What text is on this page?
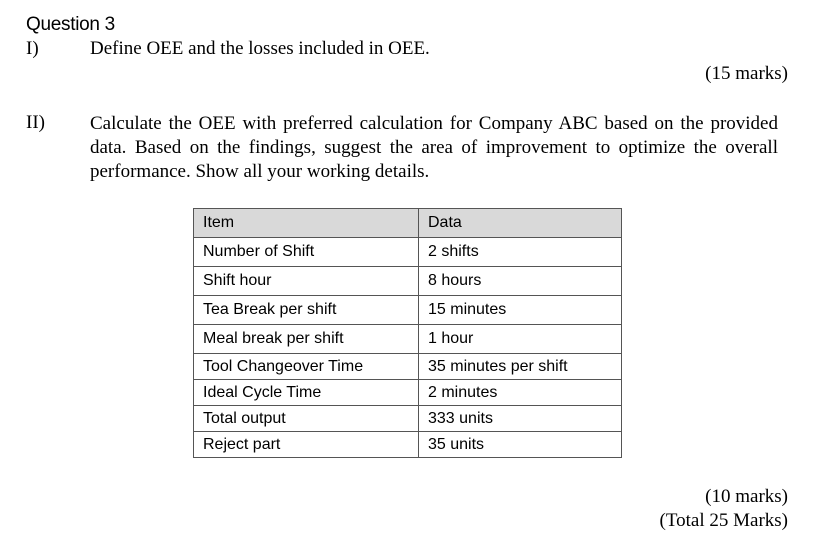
Question 3
I)	Define OEE and the losses included in OEE.
(15 marks)
II) Calculate the OEE with preferred calculation for Company ABC based on the provided data. Based on the findings, suggest the area of improvement to optimize the overall performance. Show all your working details.
Item	Data
Number of Shift	2 shifts
Shift hour	8 hours
Tea Break per shift	15 minutes
Meal break per shift	1 hour
Tool Changeover Time	35 minutes per shift
Ideal Cycle Time	2 minutes
Total output	333 units
Reject part	35 units
(10 marks)
(Total 25 Marks)
